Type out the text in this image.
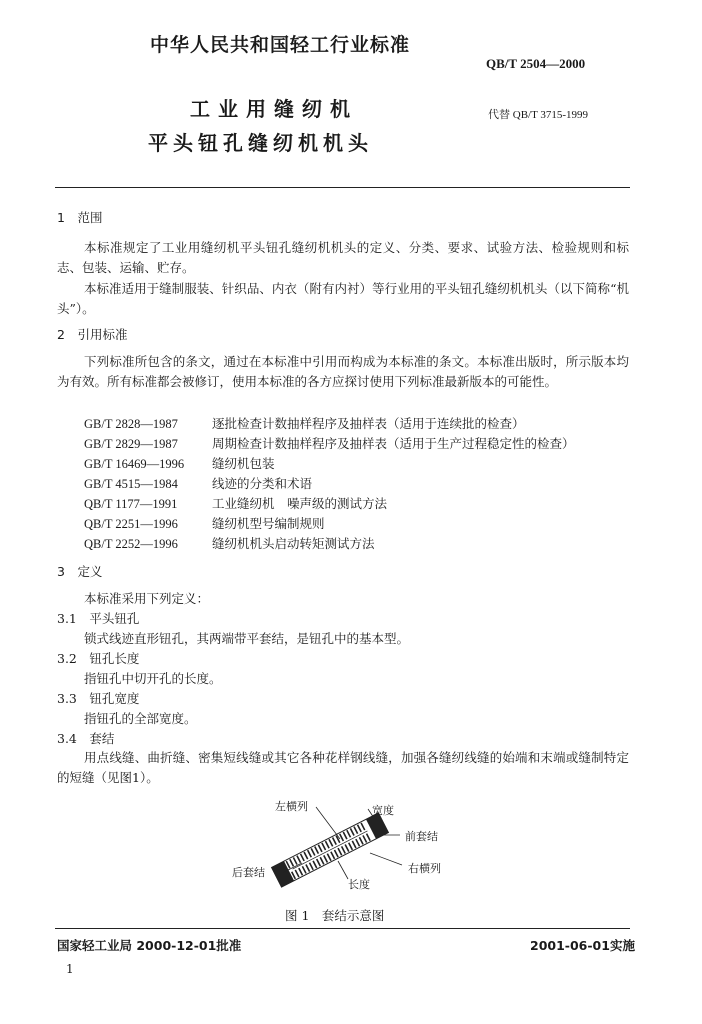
中华人民共和国轻工行业标准
QB/T 2504—2000
工业用缝纫机	代替 QB/T 3715-1999
平头钮孔缝纫机机头
1　范围
本标准规定了工业用缝纫机平头钮孔缝纫机机头的定义、分类、要求、试验方法、检验规则和标志、包装、运输、贮存。
本标准适用于缝制服装、针织品、内衣（附有内衬）等行业用的平头钮孔缝纫机机头（以下简称“机头”）。
2　引用标准
下列标准所包含的条文，通过在本标准中引用而构成为本标准的条文。本标准出版时，所示版本均为有效。所有标准都会被修订，使用本标准的各方应探讨使用下列标准最新版本的可能性。
GB/T 2828—1987	逐批检查计数抽样程序及抽样表（适用于连续批的检查）
GB/T 2829—1987	周期检查计数抽样程序及抽样表（适用于生产过程稳定性的检查）
GB/T 16469—1996 缝纫机包装
GB/T 4515—1984	线迹的分类和术语
QB/T 1177—1991	工业缝纫机　噪声级的测试方法
QB/T 2251—1996	缝纫机型号编制规则
QB/T 2252—1996	缝纫机机头启动转矩测试方法
3　定义
本标准采用下列定义：
3.1　平头钮孔
锁式线迹直形钮孔，其两端带平套结，是钮孔中的基本型。
3.2　钮孔长度
指钮孔中切开孔的长度。
3.3　钮孔宽度
指钮孔的全部宽度。
3.4　套结
用点线缝、曲折缝、密集短线缝或其它各种花样钢线缝，加强各缝纫线缝的始端和末端或缝制特定的短缝（见图1）。
左横列	宽度
前套结
右横列
后套结
长度
图 1　套结示意图
国家轻工业局 2000-12-01批准	2001-06-01实施
1
